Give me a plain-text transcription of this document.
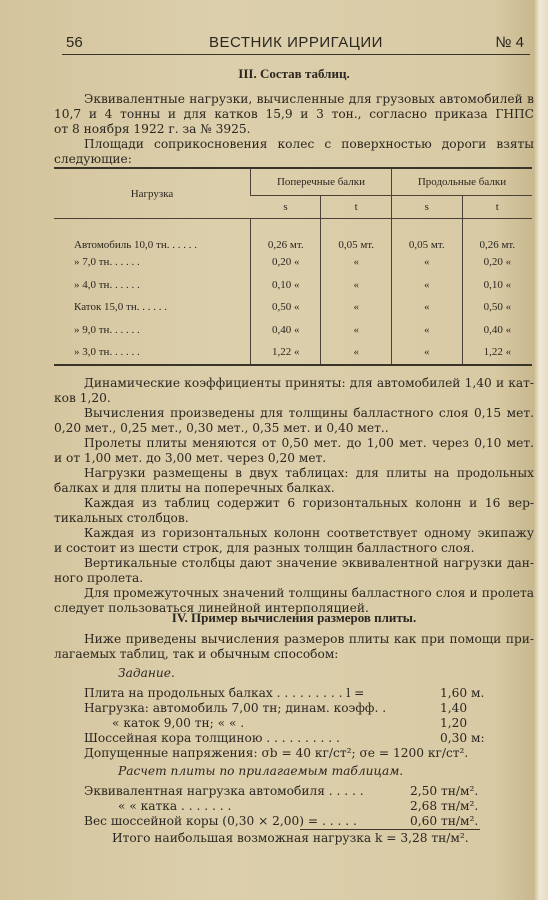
56	ВЕСТНИК ИРРИГАЦИИ	№ 4
III. Состав таблиц.
Эквивалентные нагрузки, вычисленные для грузовых автомобилей в
10,7 и 4 тонны и для катков 15,9 и 3 тон., согласно приказа ГНПС
от 8 ноября 1922 г. за № 3925.
Площади соприкосновения колес с поверхностью дороги взяты
следующие:
Нагрузка	Поперечные балки		Продольные балки	
	s	t	s	t
Автомобиль 10,0 тн. . . . . .	0,26 мт.	0,05 мт.	0,05 мт.	0,26 мт.
» 7,0 тн. . . . . .	0,20 «	«	«	0,20 «
» 4,0 тн. . . . . .	0,10 «	«	«	0,10 «
Каток 15,0 тн. . . . . .	0,50 «	«	«	0,50 «
» 9,0 тн. . . . . .	0,40 «	«	«	0,40 «
» 3,0 тн. . . . . .	1,22 «	«	«	1,22 «
Динамические коэффициенты приняты: для автомобилей 1,40 и кат-
ков 1,20.
Вычисления произведены для толщины балластного слоя 0,15 мет.
0,20 мет., 0,25 мет., 0,30 мет., 0,35 мет. и 0,40 мет..
Пролеты плиты меняются от 0,50 мет. до 1,00 мет. через 0,10 мет.
и от 1,00 мет. до 3,00 мет. через 0,20 мет.
Нагрузки размещены в двух таблицах: для плиты на продольных
балках и для плиты на поперечных балках.
Каждая из таблиц содержит 6 горизонтальных колонн и 16 вер-
тикальных столбцов.
Каждая из горизонтальных колонн соответствует одному экипажу
и состоит из шести строк, для разных толщин балластного слоя.
Вертикальные столбцы дают значение эквивалентной нагрузки дан-
ного пролета.
Для промежуточных значений толщины балластного слоя и пролета
следует пользоваться линейной интерполяцией.
IV. Пример вычисления размеров плиты.
Ниже приведены вычисления размеров плиты как при помощи при-
лагаемых таблиц, так и обычным способом:
Задание.
Плита на продольных балках . . . . . . . . . l =	1,60 м.
Нагрузка: автомобиль 7,00 тн; динам. коэфф. .	1,40
« каток 9,00 тн; « « .	1,20
Шоссейная кора толщиною . . . . . . . . . .	0,30 м:
Допущенные напряжения: σb = 40 кг/ст²; σe = 1200 кг/ст².
Расчет плиты по прилагаемым таблицам.
Эквивалентная нагрузка автомобиля . . . . .	2,50 тн/м².
« « катка . . . . . . .	2,68 тн/м².
Вес шоссейной коры (0,30 × 2,00) = . . . . .	0,60 тн/м².
Итого наибольшая возможная нагрузка k = 3,28 тн/м².
